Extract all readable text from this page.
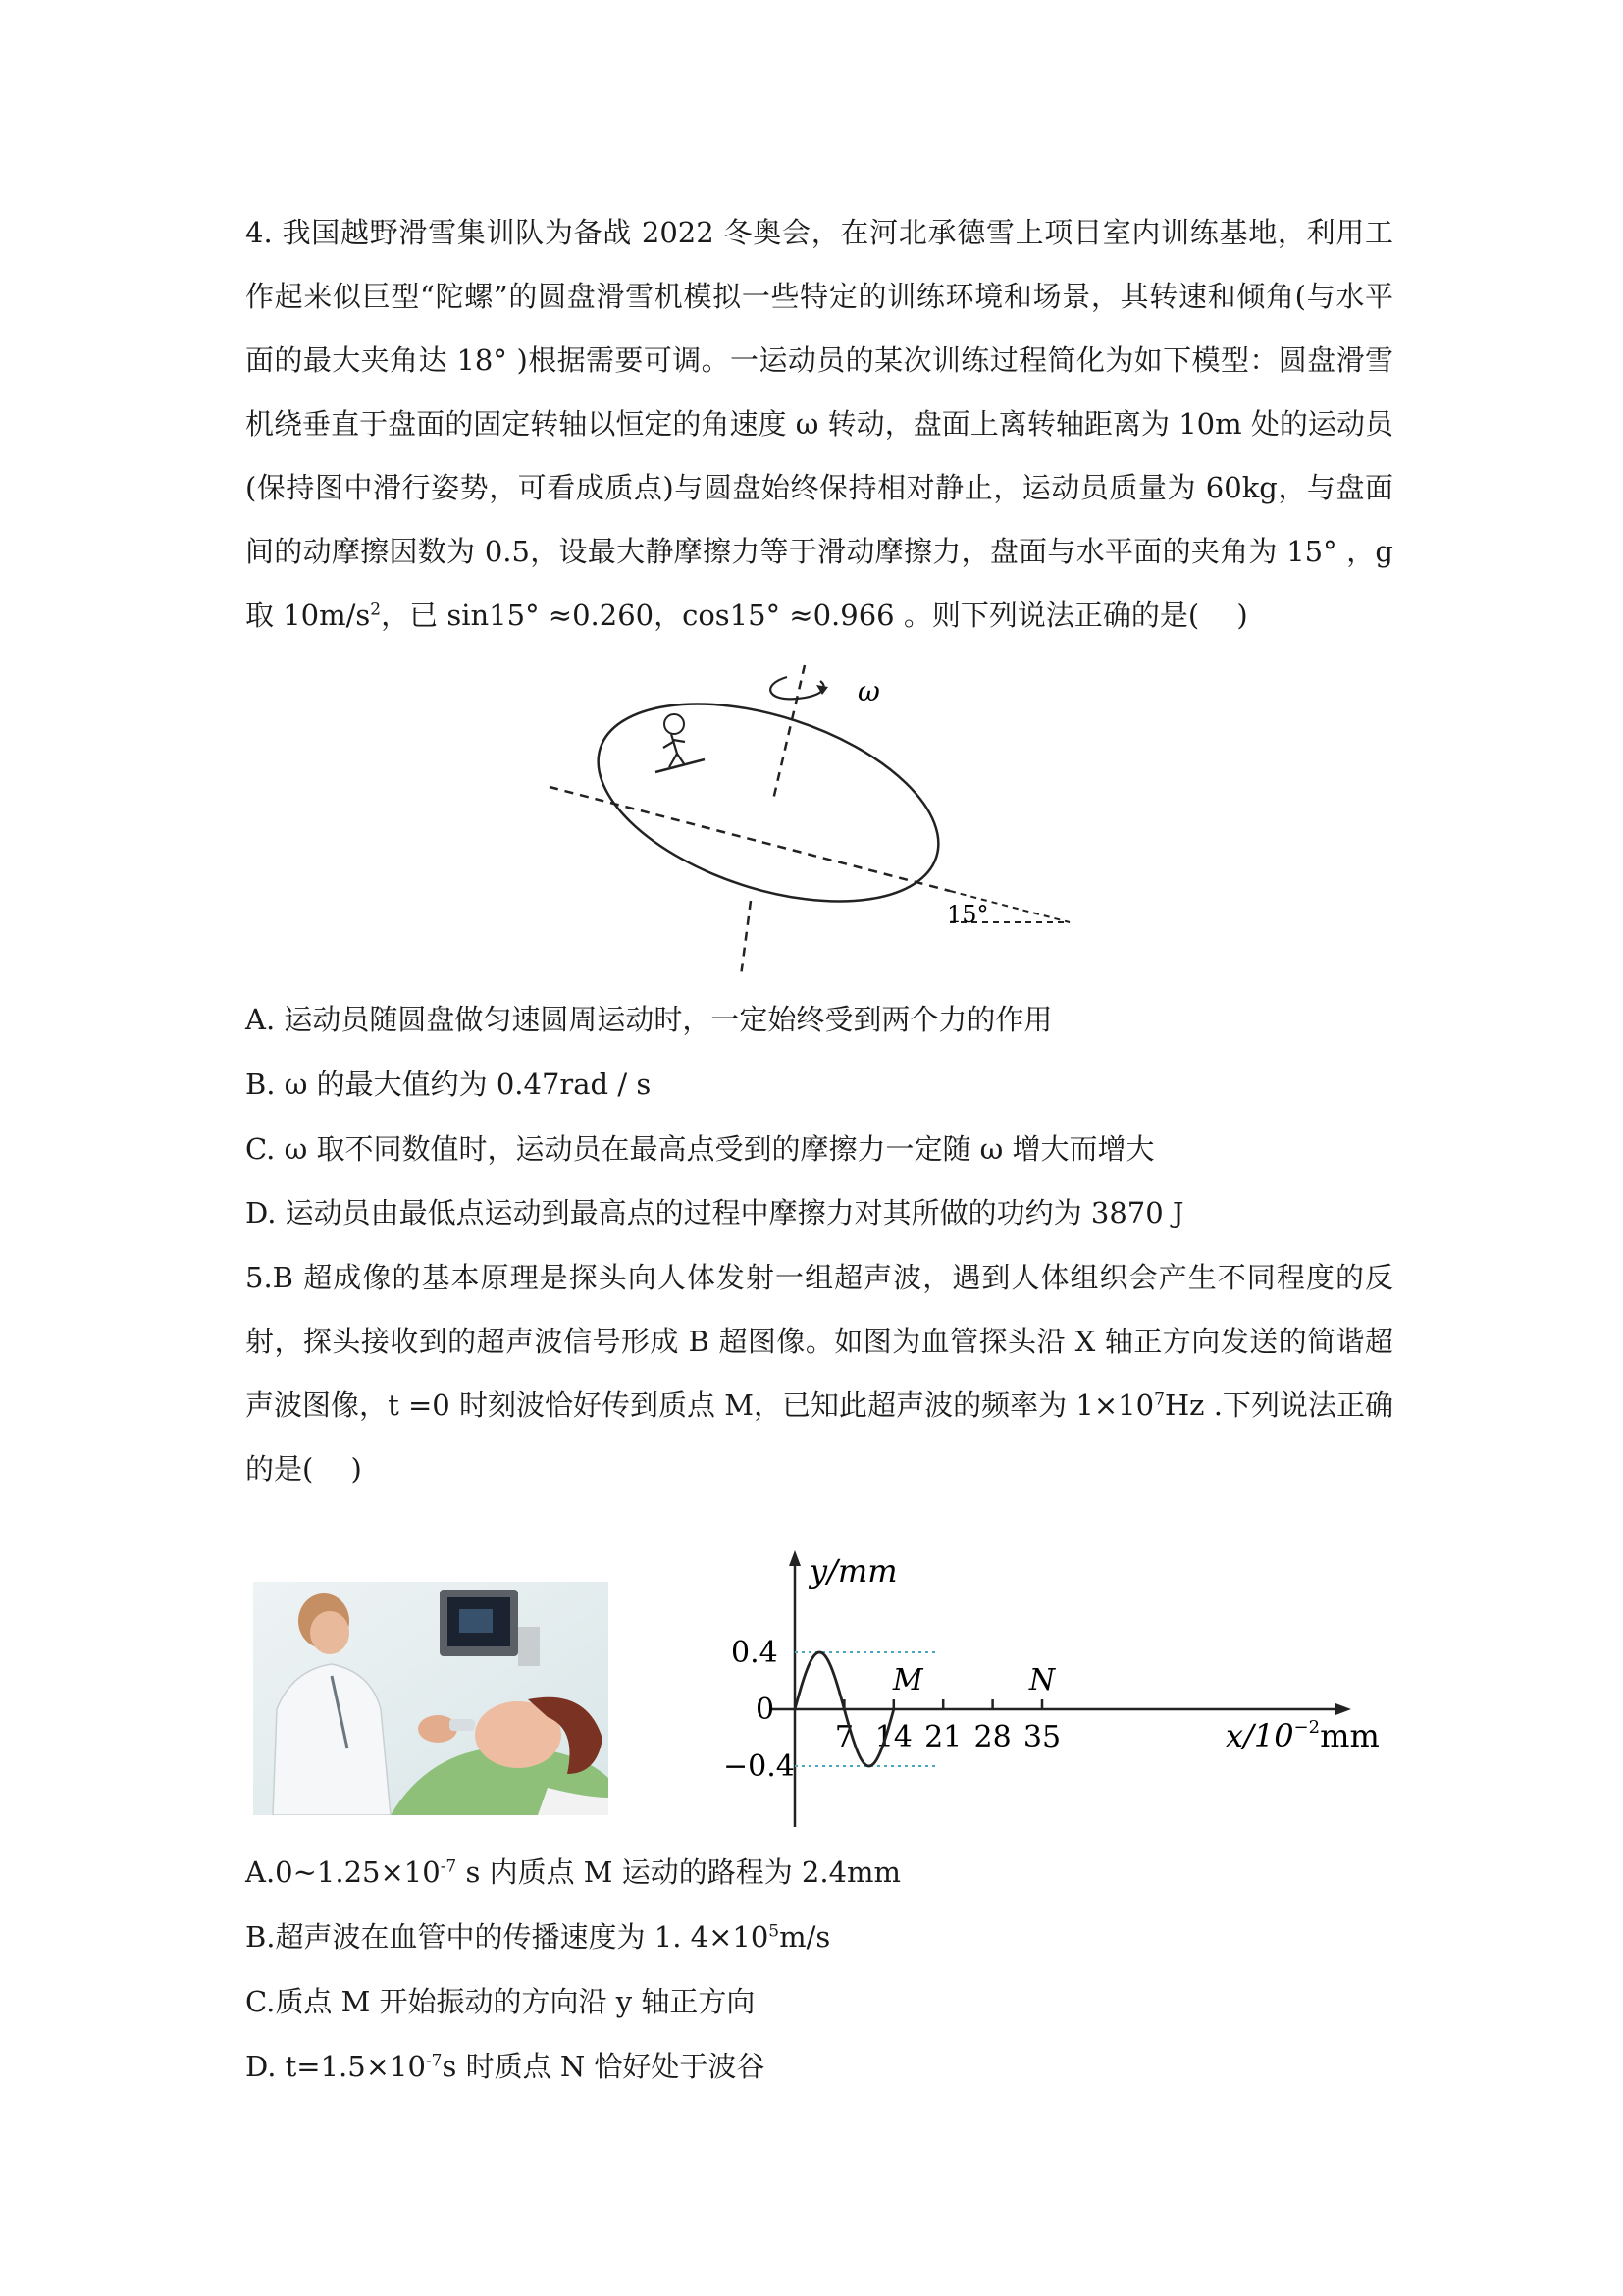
4. 我国越野滑雪集训队为备战 2022 冬奥会，在河北承德雪上项目室内训练基地，利用工作起来似巨型“陀螺”的圆盘滑雪机模拟一些特定的训练环境和场景，其转速和倾角(与水平面的最大夹角达 18° )根据需要可调。一运动员的某次训练过程简化为如下模型：圆盘滑雪机绕垂直于盘面的固定转轴以恒定的角速度 ω 转动，盘面上离转轴距离为 10m 处的运动员(保持图中滑行姿势，可看成质点)与圆盘始终保持相对静止，运动员质量为 60kg，与盘面间的动摩擦因数为 0.5，设最大静摩擦力等于滑动摩擦力，盘面与水平面的夹角为 15° ，g 取 $10m/s^2$，已 sin15° ≈0.260，cos15° ≈0.966 。则下列说法正确的是(　 )

ω
15°

A. 运动员随圆盘做匀速圆周运动时，一定始终受到两个力的作用

B. ω 的最大值约为 0.47rad / s

C. ω 取不同数值时，运动员在最高点受到的摩擦力一定随 ω 增大而增大

D. 运动员由最低点运动到最高点的过程中摩擦力对其所做的功约为 3870 J

5.B 超成像的基本原理是探头向人体发射一组超声波，遇到人体组织会产生不同程度的反射，探头接收到的超声波信号形成 B 超图像。如图为血管探头沿 X 轴正方向发送的简谐超声波图像，t =0 时刻波恰好传到质点 M，已知此超声波的频率为 $1\times 10^7Hz$ .下列说法正确的是(　 )

y/mm
$x/10^{-2}mm$
0.4
0
−0.4
7 14 21 28 35
M	N

$A.0\sim 1.25\times 10^{-7}$ s 内质点 M 运动的路程为 2.4mm

B.超声波在血管中的传播速度为 1. $4\times 10^5m/s$

C.质点 M 开始振动的方向沿 y 轴正方向

D. $t=1.5\times 10^{-7}s$ 时质点 N 恰好处于波谷
